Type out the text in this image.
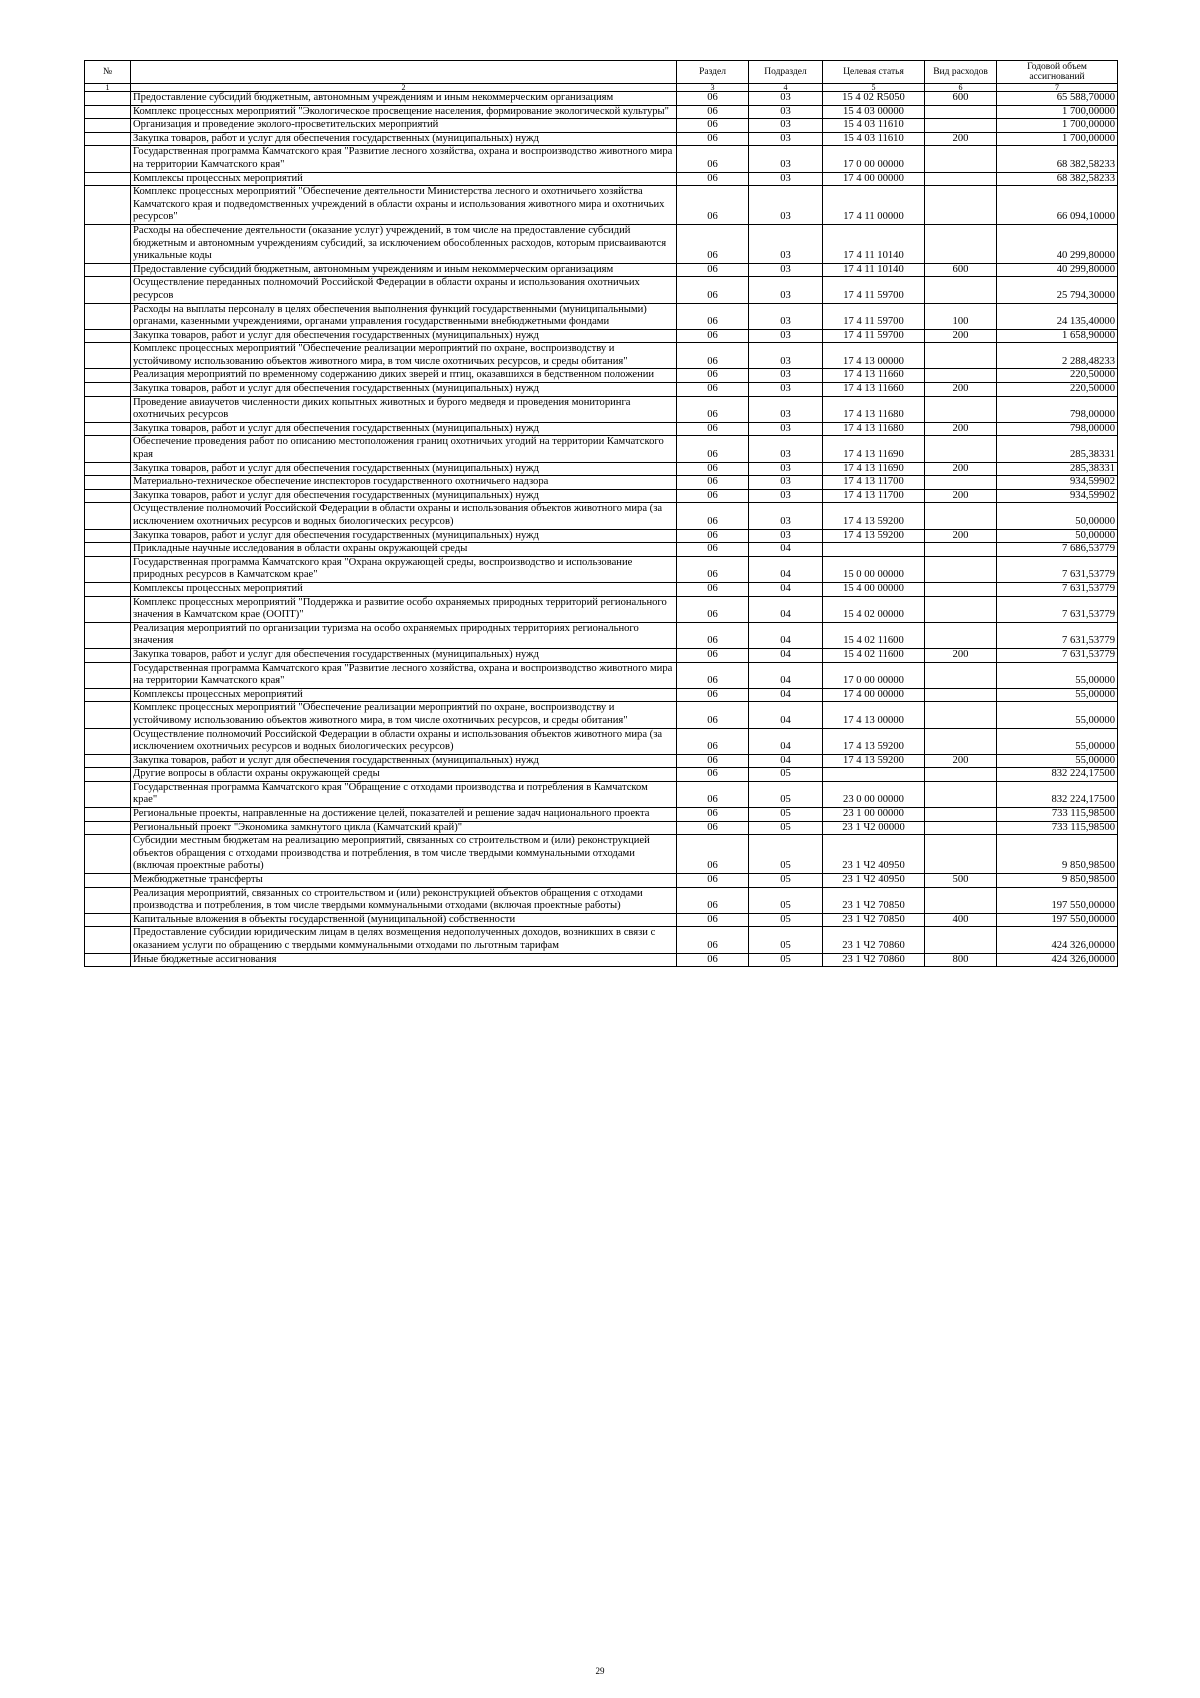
№		Раздел	Подраздел	Целевая статья	Вид расходов	Годовой объем ассигнований
1	2	3	4	5	6	7
	Предоставление субсидий бюджетным, автономным учреждениям и иным некоммерческим организациям	06	03	15 4 02 R5050	600	65 588,70000
	Комплекс процессных мероприятий "Экологическое просвещение населения, формирование экологической культуры"	06	03	15 4 03 00000		1 700,00000
	Организация и проведение эколого-просветительских мероприятий	06	03	15 4 03 11610		1 700,00000
	Закупка товаров, работ и услуг для обеспечения государственных (муниципальных) нужд	06	03	15 4 03 11610	200	1 700,00000
	Государственная программа Камчатского края "Развитие лесного хозяйства, охрана и воспроизводство животного мира на территории Камчатского края"	06	03	17 0 00 00000		68 382,58233
	Комплексы процессных мероприятий	06	03	17 4 00 00000		68 382,58233
	Комплекс процессных мероприятий "Обеспечение деятельности Министерства лесного и охотничьего хозяйства Камчатского края и подведомственных учреждений в области охраны и использования животного мира и охотничьих ресурсов"	06	03	17 4 11 00000		66 094,10000
	Расходы на обеспечение деятельности (оказание услуг) учреждений, в том числе на предоставление субсидий бюджетным и автономным учреждениям субсидий, за исключением обособленных расходов, которым присваиваются уникальные коды	06	03	17 4 11 10140		40 299,80000
	Предоставление субсидий бюджетным, автономным учреждениям и иным некоммерческим организациям	06	03	17 4 11 10140	600	40 299,80000
	Осуществление переданных полномочий Российской Федерации в области охраны и использования охотничьих ресурсов	06	03	17 4 11 59700		25 794,30000
	Расходы на выплаты персоналу в целях обеспечения выполнения функций государственными (муниципальными) органами, казенными учреждениями, органами управления государственными внебюджетными фондами	06	03	17 4 11 59700	100	24 135,40000
	Закупка товаров, работ и услуг для обеспечения государственных (муниципальных) нужд	06	03	17 4 11 59700	200	1 658,90000
	Комплекс процессных мероприятий "Обеспечение реализации мероприятий по охране, воспроизводству и устойчивому использованию объектов животного мира, в том числе охотничьих ресурсов, и среды обитания"	06	03	17 4 13 00000		2 288,48233
	Реализация мероприятий по временному содержанию диких зверей и птиц, оказавшихся в бедственном положении	06	03	17 4 13 11660		220,50000
	Закупка товаров, работ и услуг для обеспечения государственных (муниципальных) нужд	06	03	17 4 13 11660	200	220,50000
	Проведение авиаучетов численности диких копытных животных и бурого медведя и проведения мониторинга охотничьих ресурсов	06	03	17 4 13 11680		798,00000
	Закупка товаров, работ и услуг для обеспечения государственных (муниципальных) нужд	06	03	17 4 13 11680	200	798,00000
	Обеспечение проведения работ по описанию местоположения границ охотничьих угодий на территории Камчатского края	06	03	17 4 13 11690		285,38331
	Закупка товаров, работ и услуг для обеспечения государственных (муниципальных) нужд	06	03	17 4 13 11690	200	285,38331
	Материально-техническое обеспечение инспекторов государственного охотничьего надзора	06	03	17 4 13 11700		934,59902
	Закупка товаров, работ и услуг для обеспечения государственных (муниципальных) нужд	06	03	17 4 13 11700	200	934,59902
	Осуществление полномочий Российской Федерации в области охраны и использования объектов животного мира (за исключением охотничьих ресурсов и водных биологических ресурсов)	06	03	17 4 13 59200		50,00000
	Закупка товаров, работ и услуг для обеспечения государственных (муниципальных) нужд	06	03	17 4 13 59200	200	50,00000
	Прикладные научные исследования в области охраны окружающей среды	06	04			7 686,53779
	Государственная программа Камчатского края "Охрана окружающей среды, воспроизводство и использование природных ресурсов в Камчатском крае"	06	04	15 0 00 00000		7 631,53779
	Комплексы процессных мероприятий	06	04	15 4 00 00000		7 631,53779
	Комплекс процессных мероприятий "Поддержка и развитие особо охраняемых природных территорий регионального значения в Камчатском крае (ООПТ)"	06	04	15 4 02 00000		7 631,53779
	Реализация мероприятий по организации туризма на особо охраняемых природных территориях регионального значения	06	04	15 4 02 11600		7 631,53779
	Закупка товаров, работ и услуг для обеспечения государственных (муниципальных) нужд	06	04	15 4 02 11600	200	7 631,53779
	Государственная программа Камчатского края "Развитие лесного хозяйства, охрана и воспроизводство животного мира на территории Камчатского края"	06	04	17 0 00 00000		55,00000
	Комплексы процессных мероприятий	06	04	17 4 00 00000		55,00000
	Комплекс процессных мероприятий "Обеспечение реализации мероприятий по охране, воспроизводству и устойчивому использованию объектов животного мира, в том числе охотничьих ресурсов, и среды обитания"	06	04	17 4 13 00000		55,00000
	Осуществление полномочий Российской Федерации в области охраны и использования объектов животного мира (за исключением охотничьих ресурсов и водных биологических ресурсов)	06	04	17 4 13 59200		55,00000
	Закупка товаров, работ и услуг для обеспечения государственных (муниципальных) нужд	06	04	17 4 13 59200	200	55,00000
	Другие вопросы в области охраны окружающей среды	06	05			832 224,17500
	Государственная программа Камчатского края "Обращение с отходами производства и потребления в Камчатском крае"	06	05	23 0 00 00000		832 224,17500
	Региональные проекты, направленные на достижение целей, показателей и решение задач национального проекта	06	05	23 1 00 00000		733 115,98500
	Региональный проект "Экономика замкнутого цикла (Камчатский край)"	06	05	23 1 Ч2 00000		733 115,98500
	Субсидии местным бюджетам на реализацию мероприятий, связанных со строительством и (или) реконструкцией объектов обращения с отходами производства и потребления, в том числе твердыми коммунальными отходами (включая проектные работы)	06	05	23 1 Ч2 40950		9 850,98500
	Межбюджетные трансферты	06	05	23 1 Ч2 40950	500	9 850,98500
	Реализация мероприятий, связанных со строительством и (или) реконструкцией объектов обращения с отходами производства и потребления, в том числе твердыми коммунальными отходами (включая проектные работы)	06	05	23 1 Ч2 70850		197 550,00000
	Капитальные вложения в объекты государственной (муниципальной) собственности	06	05	23 1 Ч2 70850	400	197 550,00000
	Предоставление субсидии юридическим лицам в целях возмещения недополученных доходов, возникших в связи с оказанием услуги по обращению с твердыми коммунальными отходами по льготным тарифам	06	05	23 1 Ч2 70860		424 326,00000
	Иные бюджетные ассигнования	06	05	23 1 Ч2 70860	800	424 326,00000
29
